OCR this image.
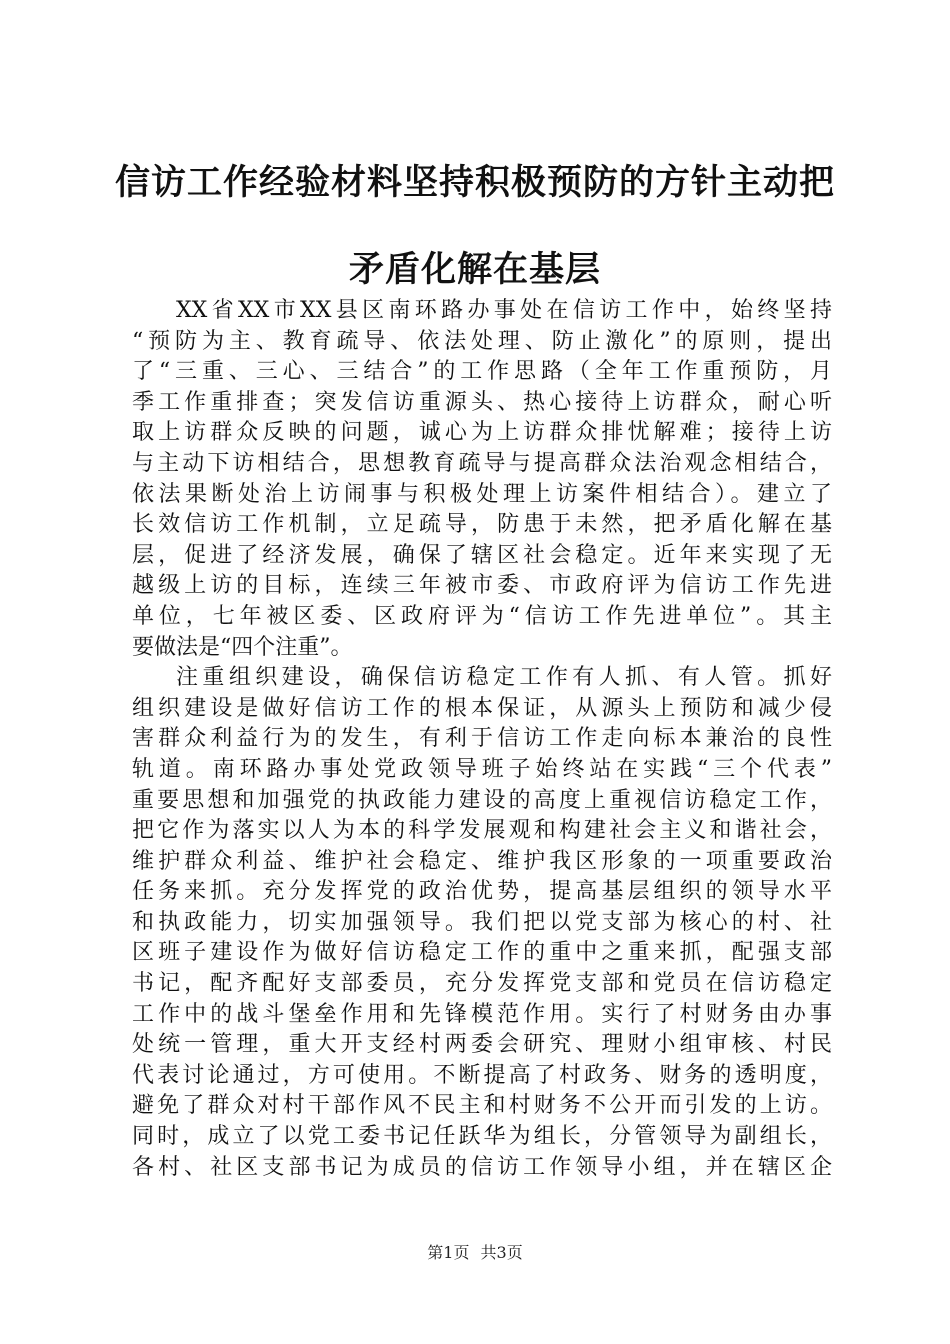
信访工作经验材料坚持积极预防的方针主动把
矛盾化解在基层
XX省XX市XX县区南环路办事处在信访工作中，始终坚持
“预防为主、教育疏导、依法处理、防止激化”的原则，提出
了“三重、三心、三结合”的工作思路（全年工作重预防，月
季工作重排查；突发信访重源头、热心接待上访群众，耐心听
取上访群众反映的问题，诚心为上访群众排忧解难；接待上访
与主动下访相结合，思想教育疏导与提高群众法治观念相结合，
依法果断处治上访闹事与积极处理上访案件相结合）。建立了
长效信访工作机制，立足疏导，防患于未然，把矛盾化解在基
层，促进了经济发展，确保了辖区社会稳定。近年来实现了无
越级上访的目标，连续三年被市委、市政府评为信访工作先进
单位，七年被区委、区政府评为“信访工作先进单位”。其主
要做法是“四个注重”。
注重组织建设，确保信访稳定工作有人抓、有人管。抓好
组织建设是做好信访工作的根本保证，从源头上预防和减少侵
害群众利益行为的发生，有利于信访工作走向标本兼治的良性
轨道。南环路办事处党政领导班子始终站在实践“三个代表”
重要思想和加强党的执政能力建设的高度上重视信访稳定工作，
把它作为落实以人为本的科学发展观和构建社会主义和谐社会，
维护群众利益、维护社会稳定、维护我区形象的一项重要政治
任务来抓。充分发挥党的政治优势，提高基层组织的领导水平
和执政能力，切实加强领导。我们把以党支部为核心的村、社
区班子建设作为做好信访稳定工作的重中之重来抓，配强支部
书记，配齐配好支部委员，充分发挥党支部和党员在信访稳定
工作中的战斗堡垒作用和先锋模范作用。实行了村财务由办事
处统一管理，重大开支经村两委会研究、理财小组审核、村民
代表讨论通过，方可使用。不断提高了村政务、财务的透明度，
避免了群众对村干部作风不民主和村财务不公开而引发的上访。
同时，成立了以党工委书记任跃华为组长，分管领导为副组长，
各村、社区支部书记为成员的信访工作领导小组，并在辖区企
第1页 共3页
